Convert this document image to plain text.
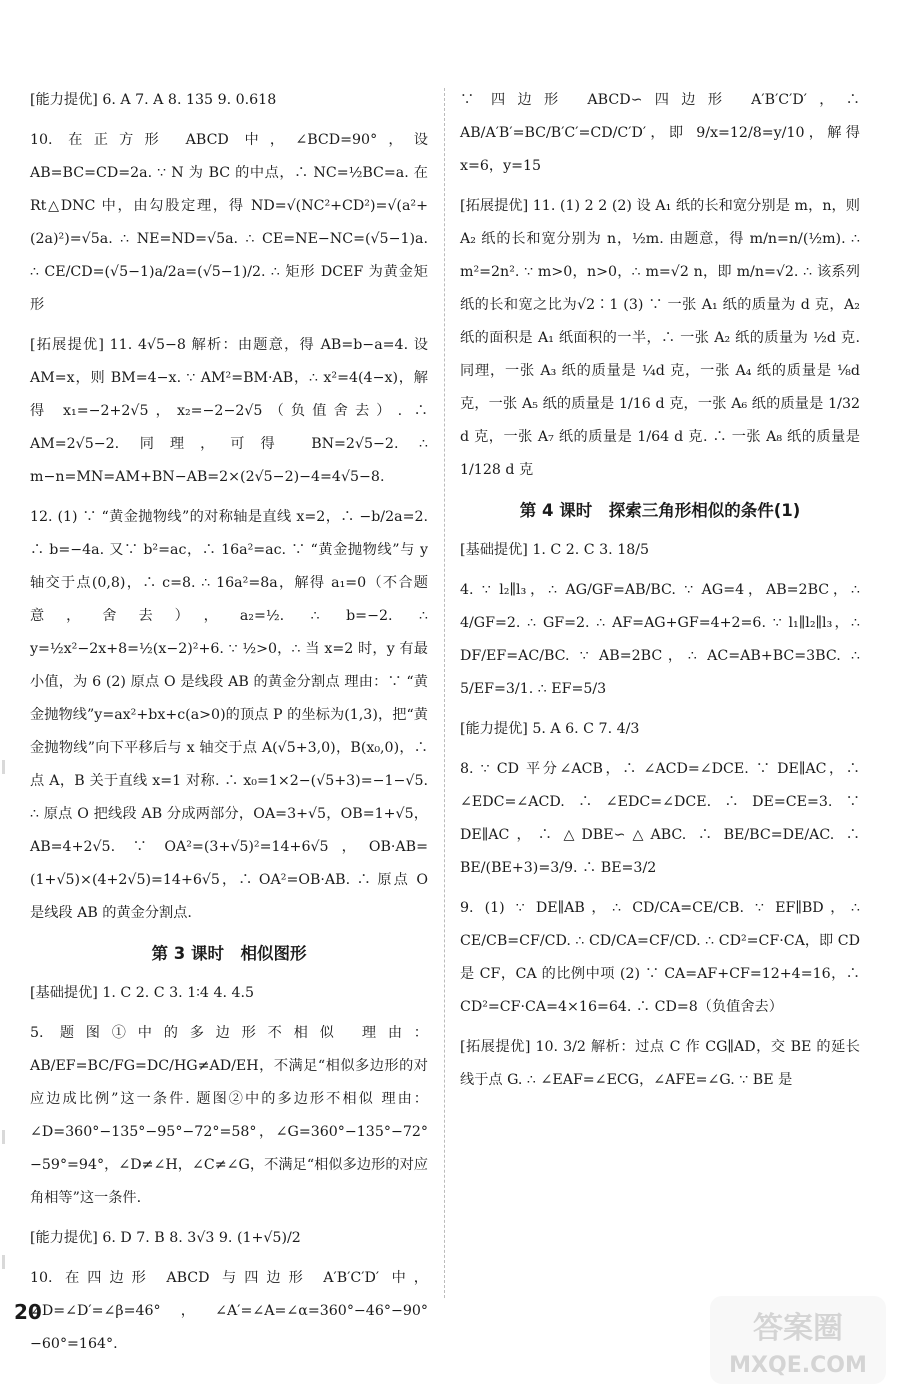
[能力提优] 6. A 7. A 8. 135 9. 0.618

10. 在正方形 ABCD 中，∠BCD=90°，设 AB=BC=CD=2a. ∵ N 为 BC 的中点，∴ NC=½BC=a. 在 Rt△DNC 中，由勾股定理，得 ND=√(NC²+CD²)=√(a²+(2a)²)=√5a. ∴ NE=ND=√5a. ∴ CE=NE−NC=(√5−1)a. ∴ CE/CD=(√5−1)a/2a=(√5−1)/2. ∴ 矩形 DCEF 为黄金矩形

[拓展提优] 11. 4√5−8 解析：由题意，得 AB=b−a=4. 设 AM=x，则 BM=4−x. ∵ AM²=BM·AB，∴ x²=4(4−x)，解得 x₁=−2+2√5，x₂=−2−2√5（负值舍去）. ∴ AM=2√5−2. 同理，可得 BN=2√5−2. ∴ m−n=MN=AM+BN−AB=2×(2√5−2)−4=4√5−8.

12. (1) ∵ “黄金抛物线”的对称轴是直线 x=2，∴ −b/2a=2. ∴ b=−4a. 又∵ b²=ac，∴ 16a²=ac. ∵ “黄金抛物线”与 y 轴交于点(0,8)，∴ c=8. ∴ 16a²=8a，解得 a₁=0（不合题意，舍去），a₂=½. ∴ b=−2. ∴ y=½x²−2x+8=½(x−2)²+6. ∵ ½>0，∴ 当 x=2 时，y 有最小值，为 6 (2) 原点 O 是线段 AB 的黄金分割点 理由：∵ “黄金抛物线”y=ax²+bx+c(a>0)的顶点 P 的坐标为(1,3)，把“黄金抛物线”向下平移后与 x 轴交于点 A(√5+3,0)，B(x₀,0)，∴ 点 A，B 关于直线 x=1 对称. ∴ x₀=1×2−(√5+3)=−1−√5. ∴ 原点 O 把线段 AB 分成两部分，OA=3+√5，OB=1+√5，AB=4+2√5. ∵ OA²=(3+√5)²=14+6√5，OB·AB=(1+√5)×(4+2√5)=14+6√5，∴ OA²=OB·AB. ∴ 原点 O 是线段 AB 的黄金分割点.

第 3 课时　相似图形

[基础提优] 1. C 2. C 3. 1∶4 4. 4.5

5. 题图①中的多边形不相似 理由：AB/EF=BC/FG=DC/HG≠AD/EH，不满足“相似多边形的对应边成比例”这一条件. 题图②中的多边形不相似 理由：∠D=360°−135°−95°−72°=58°，∠G=360°−135°−72°−59°=94°，∠D≠∠H，∠C≠∠G，不满足“相似多边形的对应角相等”这一条件.

[能力提优] 6. D 7. B 8. 3√3 9. (1+√5)/2

10. 在四边形 ABCD 与四边形 A′B′C′D′ 中，∠D=∠D′=∠β=46°，∠A′=∠A=∠α=360°−46°−90°−60°=164°.

∵ 四边形 ABCD∽四边形 A′B′C′D′，∴ AB/A′B′=BC/B′C′=CD/C′D′，即 9/x=12/8=y/10，解得 x=6，y=15

[拓展提优] 11. (1) 2 2 (2) 设 A₁ 纸的长和宽分别是 m，n，则 A₂ 纸的长和宽分别为 n，½m. 由题意，得 m/n=n/(½m). ∴ m²=2n². ∵ m>0，n>0，∴ m=√2 n，即 m/n=√2. ∴ 该系列纸的长和宽之比为√2∶1 (3) ∵ 一张 A₁ 纸的质量为 d 克，A₂ 纸的面积是 A₁ 纸面积的一半，∴ 一张 A₂ 纸的质量为 ½d 克. 同理，一张 A₃ 纸的质量是 ¼d 克，一张 A₄ 纸的质量是 ⅛d 克，一张 A₅ 纸的质量是 1/16 d 克，一张 A₆ 纸的质量是 1/32 d 克，一张 A₇ 纸的质量是 1/64 d 克. ∴ 一张 A₈ 纸的质量是 1/128 d 克

第 4 课时　探索三角形相似的条件(1)

[基础提优] 1. C 2. C 3. 18/5

4. ∵ l₂∥l₃，∴ AG/GF=AB/BC. ∵ AG=4，AB=2BC，∴ 4/GF=2. ∴ GF=2. ∴ AF=AG+GF=4+2=6. ∵ l₁∥l₂∥l₃，∴ DF/EF=AC/BC. ∵ AB=2BC，∴ AC=AB+BC=3BC. ∴ 5/EF=3/1. ∴ EF=5/3

[能力提优] 5. A 6. C 7. 4/3

8. ∵ CD 平分∠ACB，∴ ∠ACD=∠DCE. ∵ DE∥AC，∴ ∠EDC=∠ACD. ∴ ∠EDC=∠DCE. ∴ DE=CE=3. ∵ DE∥AC，∴ △DBE∽△ABC. ∴ BE/BC=DE/AC. ∴ BE/(BE+3)=3/9. ∴ BE=3/2

9. (1) ∵ DE∥AB，∴ CD/CA=CE/CB. ∵ EF∥BD，∴ CE/CB=CF/CD. ∴ CD/CA=CF/CD. ∴ CD²=CF·CA，即 CD 是 CF，CA 的比例中项 (2) ∵ CA=AF+CF=12+4=16，∴ CD²=CF·CA=4×16=64. ∴ CD=8（负值舍去）

[拓展提优] 10. 3/2 解析：过点 C 作 CG∥AD，交 BE 的延长线于点 G. ∴ ∠EAF=∠ECG，∠AFE=∠G. ∵ BE 是

20	答案圈
MXQE.COM
